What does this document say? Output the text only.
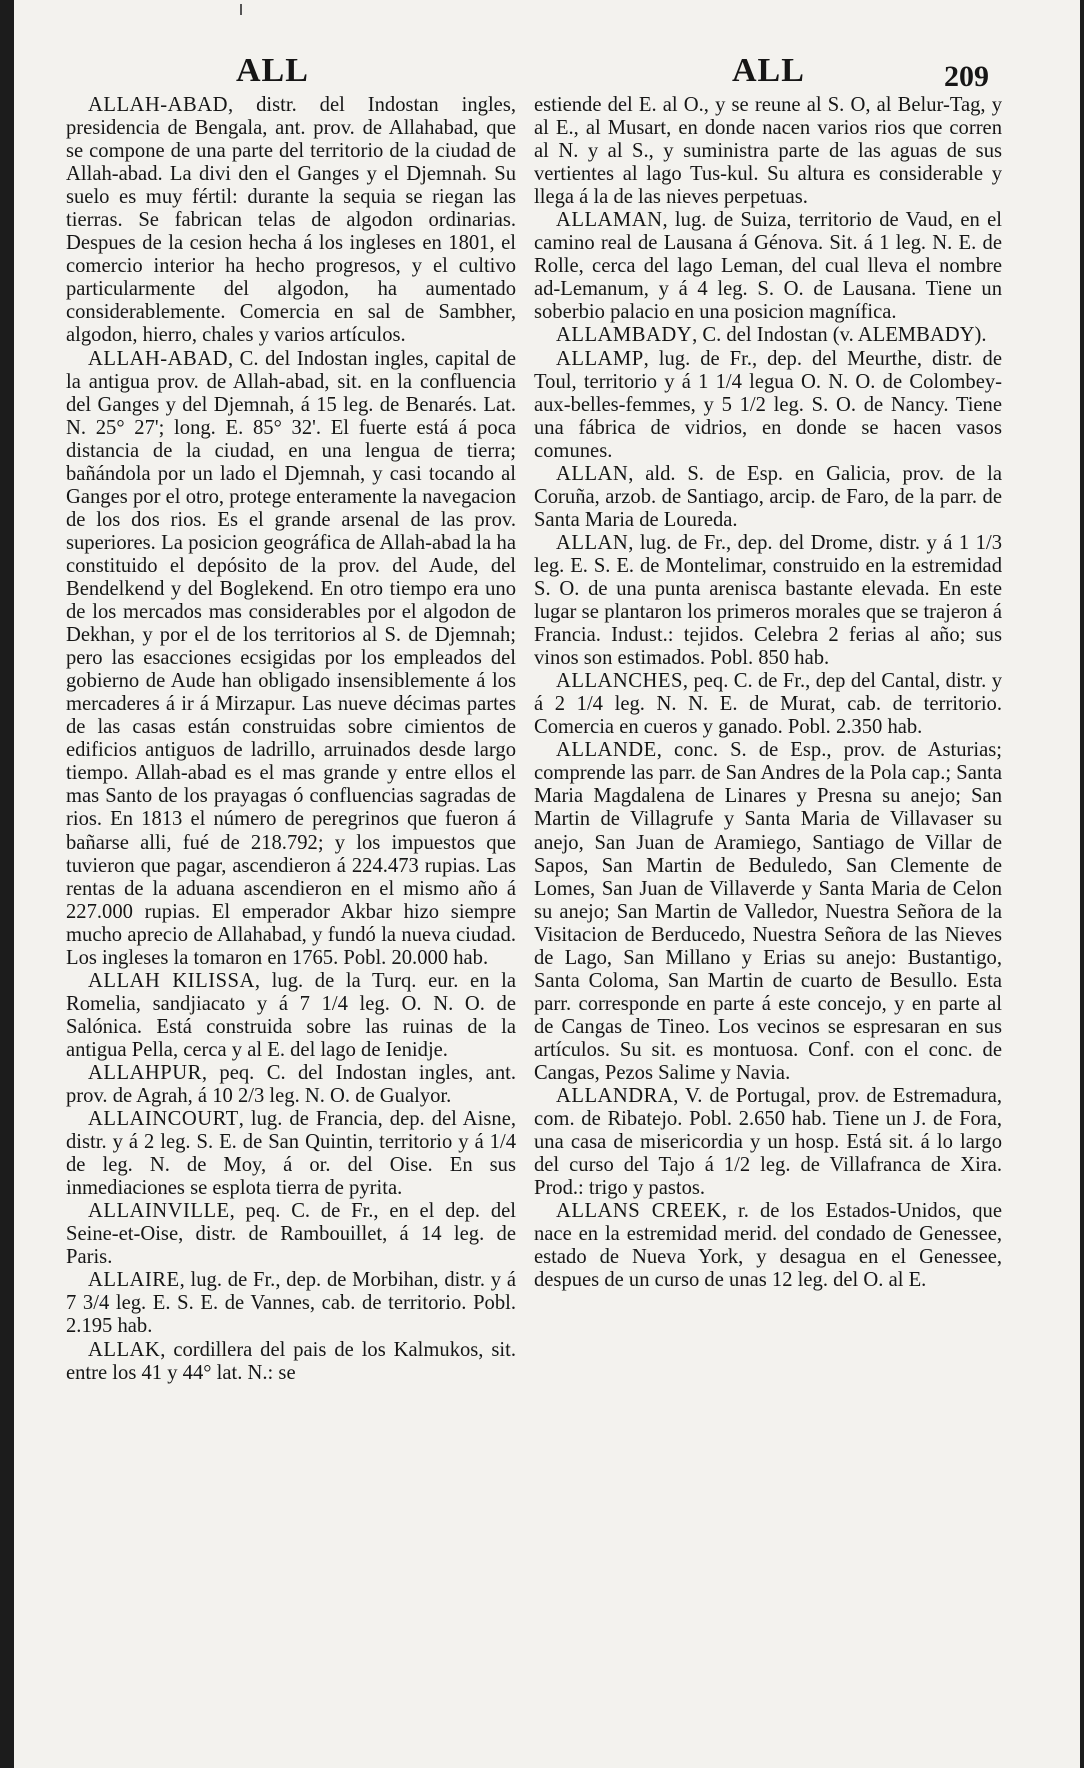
ALL	ALL	209

ALLAH-ABAD, distr. del Indostan ingles, presidencia de Bengala, ant. prov. de Allahabad, que se compone de una parte del territorio de la ciudad de Allah-abad. La divi den el Ganges y el Djemnah. Su suelo es muy fértil: durante la sequia se riegan las tierras. Se fabrican telas de algodon ordinarias. Despues de la cesion hecha á los ingleses en 1801, el comercio interior ha hecho progresos, y el cultivo particularmente del algodon, ha aumentado considerablemente. Comercia en sal de Sambher, algodon, hierro, chales y varios artículos.

ALLAH-ABAD, C. del Indostan ingles, capital de la antigua prov. de Allah-abad, sit. en la confluencia del Ganges y del Djemnah, á 15 leg. de Benarés. Lat. N. 25° 27'; long. E. 85° 32'. El fuerte está á poca distancia de la ciudad, en una lengua de tierra; bañándola por un lado el Djemnah, y casi tocando al Ganges por el otro, protege enteramente la navegacion de los dos rios. Es el grande arsenal de las prov. superiores. La posicion geográfica de Allah-abad la ha constituido el depósito de la prov. del Aude, del Bendelkend y del Boglekend. En otro tiempo era uno de los mercados mas considerables por el algodon de Dekhan, y por el de los territorios al S. de Djemnah; pero las esacciones ecsigidas por los empleados del gobierno de Aude han obligado insensiblemente á los mercaderes á ir á Mirzapur. Las nueve décimas partes de las casas están construidas sobre cimientos de edificios antiguos de ladrillo, arruinados desde largo tiempo. Allah-abad es el mas grande y entre ellos el mas Santo de los prayagas ó confluencias sagradas de rios. En 1813 el número de peregrinos que fueron á bañarse alli, fué de 218.792; y los impuestos que tuvieron que pagar, ascendieron á 224.473 rupias. Las rentas de la aduana ascendieron en el mismo año á 227.000 rupias. El emperador Akbar hizo siempre mucho aprecio de Allahabad, y fundó la nueva ciudad. Los ingleses la tomaron en 1765. Pobl. 20.000 hab.

ALLAH KILISSA, lug. de la Turq. eur. en la Romelia, sandjiacato y á 7 1/4 leg. O. N. O. de Salónica. Está construida sobre las ruinas de la antigua Pella, cerca y al E. del lago de Ienidje.

ALLAHPUR, peq. C. del Indostan ingles, ant. prov. de Agrah, á 10 2/3 leg. N. O. de Gualyor.

ALLAINCOURT, lug. de Francia, dep. del Aisne, distr. y á 2 leg. S. E. de San Quintin, territorio y á 1/4 de leg. N. de Moy, á or. del Oise. En sus inmediaciones se esplota tierra de pyrita.

ALLAINVILLE, peq. C. de Fr., en el dep. del Seine-et-Oise, distr. de Rambouillet, á 14 leg. de Paris.

ALLAIRE, lug. de Fr., dep. de Morbihan, distr. y á 7 3/4 leg. E. S. E. de Vannes, cab. de territorio. Pobl. 2.195 hab.

ALLAK, cordillera del pais de los Kalmukos, sit. entre los 41 y 44° lat. N.: se

estiende del E. al O., y se reune al S. O, al Belur-Tag, y al E., al Musart, en donde nacen varios rios que corren al N. y al S., y suministra parte de las aguas de sus vertientes al lago Tus-kul. Su altura es considerable y llega á la de las nieves perpetuas.

ALLAMAN, lug. de Suiza, territorio de Vaud, en el camino real de Lausana á Génova. Sit. á 1 leg. N. E. de Rolle, cerca del lago Leman, del cual lleva el nombre ad-Lemanum, y á 4 leg. S. O. de Lausana. Tiene un soberbio palacio en una posicion magnífica.

ALLAMBADY, C. del Indostan (v. ALEMBADY).

ALLAMP, lug. de Fr., dep. del Meurthe, distr. de Toul, territorio y á 1 1/4 legua O. N. O. de Colombey-aux-belles-femmes, y 5 1/2 leg. S. O. de Nancy. Tiene una fábrica de vidrios, en donde se hacen vasos comunes.

ALLAN, ald. S. de Esp. en Galicia, prov. de la Coruña, arzob. de Santiago, arcip. de Faro, de la parr. de Santa Maria de Loureda.

ALLAN, lug. de Fr., dep. del Drome, distr. y á 1 1/3 leg. E. S. E. de Montelimar, construido en la estremidad S. O. de una punta arenisca bastante elevada. En este lugar se plantaron los primeros morales que se trajeron á Francia. Indust.: tejidos. Celebra 2 ferias al año; sus vinos son estimados. Pobl. 850 hab.

ALLANCHES, peq. C. de Fr., dep del Cantal, distr. y á 2 1/4 leg. N. N. E. de Murat, cab. de territorio. Comercia en cueros y ganado. Pobl. 2.350 hab.

ALLANDE, conc. S. de Esp., prov. de Asturias; comprende las parr. de San Andres de la Pola cap.; Santa Maria Magdalena de Linares y Presna su anejo; San Martin de Villagrufe y Santa Maria de Villavaser su anejo, San Juan de Aramiego, Santiago de Villar de Sapos, San Martin de Beduledo, San Clemente de Lomes, San Juan de Villaverde y Santa Maria de Celon su anejo; San Martin de Valledor, Nuestra Señora de la Visitacion de Berducedo, Nuestra Señora de las Nieves de Lago, San Millano y Erias su anejo: Bustantigo, Santa Coloma, San Martin de cuarto de Besullo. Esta parr. corresponde en parte á este concejo, y en parte al de Cangas de Tineo. Los vecinos se espresaran en sus artículos. Su sit. es montuosa. Conf. con el conc. de Cangas, Pezos Salime y Navia.

ALLANDRA, V. de Portugal, prov. de Estremadura, com. de Ribatejo. Pobl. 2.650 hab. Tiene un J. de Fora, una casa de misericordia y un hosp. Está sit. á lo largo del curso del Tajo á 1/2 leg. de Villafranca de Xira. Prod.: trigo y pastos.

ALLANS CREEK, r. de los Estados-Unidos, que nace en la estremidad merid. del condado de Genessee, estado de Nueva York, y desagua en el Genessee, despues de un curso de unas 12 leg. del O. al E.
